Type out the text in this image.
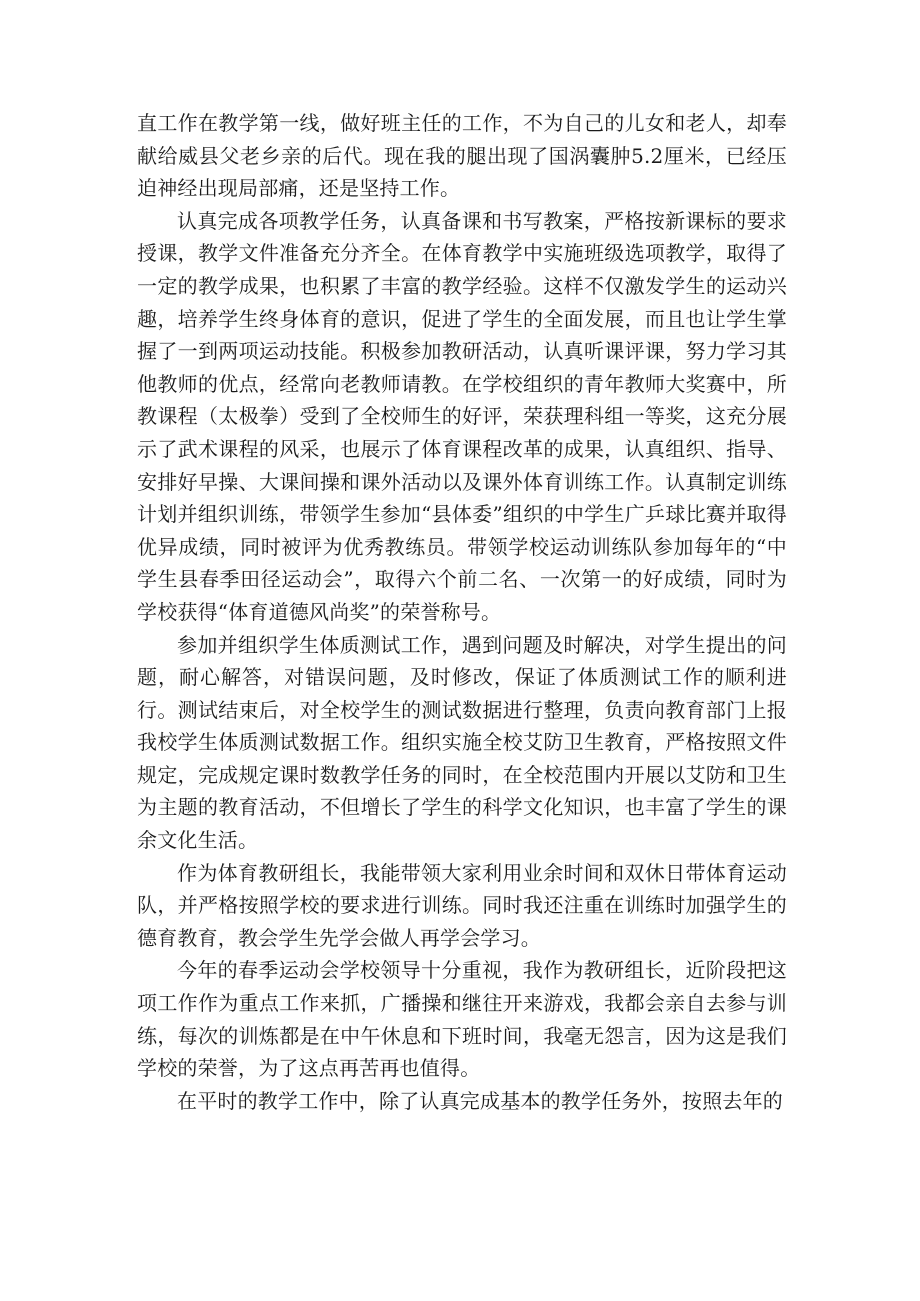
直工作在教学第一线，做好班主任的工作，不为自己的儿女和老人，却奉献给威县父老乡亲的后代。现在我的腿出现了国涡囊肿5.2厘米，已经压迫神经出现局部痛，还是坚持工作。

认真完成各项教学任务，认真备课和书写教案，严格按新课标的要求授课，教学文件准备充分齐全。在体育教学中实施班级选项教学，取得了一定的教学成果，也积累了丰富的教学经验。这样不仅激发学生的运动兴趣，培养学生终身体育的意识，促进了学生的全面发展，而且也让学生掌握了一到两项运动技能。积极参加教研活动，认真听课评课，努力学习其他教师的优点，经常向老教师请教。在学校组织的青年教师大奖赛中，所教课程（太极拳）受到了全校师生的好评，荣获理科组一等奖，这充分展示了武术课程的风采，也展示了体育课程改革的成果，认真组织、指导、安排好早操、大课间操和课外活动以及课外体育训练工作。认真制定训练计划并组织训练，带领学生参加“县体委”组织的中学生广乒球比赛并取得优异成绩，同时被评为优秀教练员。带领学校运动训练队参加每年的“中学生县春季田径运动会”，取得六个前二名、一次第一的好成绩，同时为学校获得“体育道德风尚奖”的荣誉称号。

参加并组织学生体质测试工作，遇到问题及时解决，对学生提出的问题，耐心解答，对错误问题，及时修改，保证了体质测试工作的顺利进行。测试结束后，对全校学生的测试数据进行整理，负责向教育部门上报我校学生体质测试数据工作。组织实施全校艾防卫生教育，严格按照文件规定，完成规定课时数教学任务的同时，在全校范围内开展以艾防和卫生为主题的教育活动，不但增长了学生的科学文化知识，也丰富了学生的课余文化生活。

作为体育教研组长，我能带领大家利用业余时间和双休日带体育运动队，并严格按照学校的要求进行训练。同时我还注重在训练时加强学生的德育教育，教会学生先学会做人再学会学习。

今年的春季运动会学校领导十分重视，我作为教研组长，近阶段把这项工作作为重点工作来抓，广播操和继往开来游戏，我都会亲自去参与训练，每次的训炼都是在中午休息和下班时间，我毫无怨言，因为这是我们学校的荣誉，为了这点再苦再也值得。

在平时的教学工作中，除了认真完成基本的教学任务外，按照去年的
